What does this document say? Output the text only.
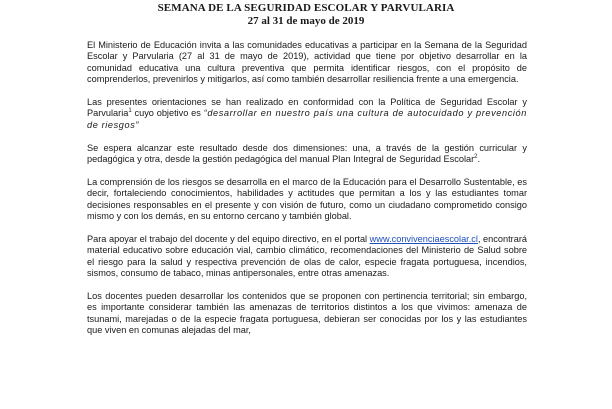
SEMANA DE LA SEGURIDAD ESCOLAR Y PARVULARIA
27 al 31 de mayo de 2019

El Ministerio de Educación invita a las comunidades educativas a participar en la Semana de la Seguridad Escolar y Parvularia (27 al 31 de mayo de 2019), actividad que tiene por objetivo desarrollar en la comunidad educativa una cultura preventiva que permita identificar riesgos, con el propósito de comprenderlos, prevenirlos y mitigarlos, así como también desarrollar resiliencia frente a una emergencia.

Las presentes orientaciones se han realizado en conformidad con la Política de Seguridad Escolar y Parvularia$^1$ cuyo objetivo es “desarrollar en nuestro país una cultura de autocuidado y prevención de riesgos”

Se espera alcanzar este resultado desde dos dimensiones: una, a través de la gestión curricular y pedagógica y otra, desde la gestión pedagógica del manual Plan Integral de Seguridad Escolar$^2$.

La comprensión de los riesgos se desarrolla en el marco de la Educación para el Desarrollo Sustentable, es decir, fortaleciendo conocimientos, habilidades y actitudes que permitan a los y las estudiantes tomar decisiones responsables en el presente y con visión de futuro, como un ciudadano comprometido consigo mismo y con los demás, en su entorno cercano y también global.

Para apoyar el trabajo del docente y del equipo directivo, en el portal www.convivenciaescolar.cl, encontrará material educativo sobre educación vial, cambio climático, recomendaciones del Ministerio de Salud sobre el riesgo para la salud y respectiva prevención de olas de calor, especie fragata portuguesa, incendios, sismos, consumo de tabaco, minas antipersonales, entre otras amenazas.

Los docentes pueden desarrollar los contenidos que se proponen con pertinencia territorial; sin embargo, es importante considerar también las amenazas de territorios distintos a los que vivimos: amenaza de tsunami, marejadas o de la especie fragata portuguesa, debieran ser conocidas por los y las estudiantes que viven en comunas alejadas del mar,
